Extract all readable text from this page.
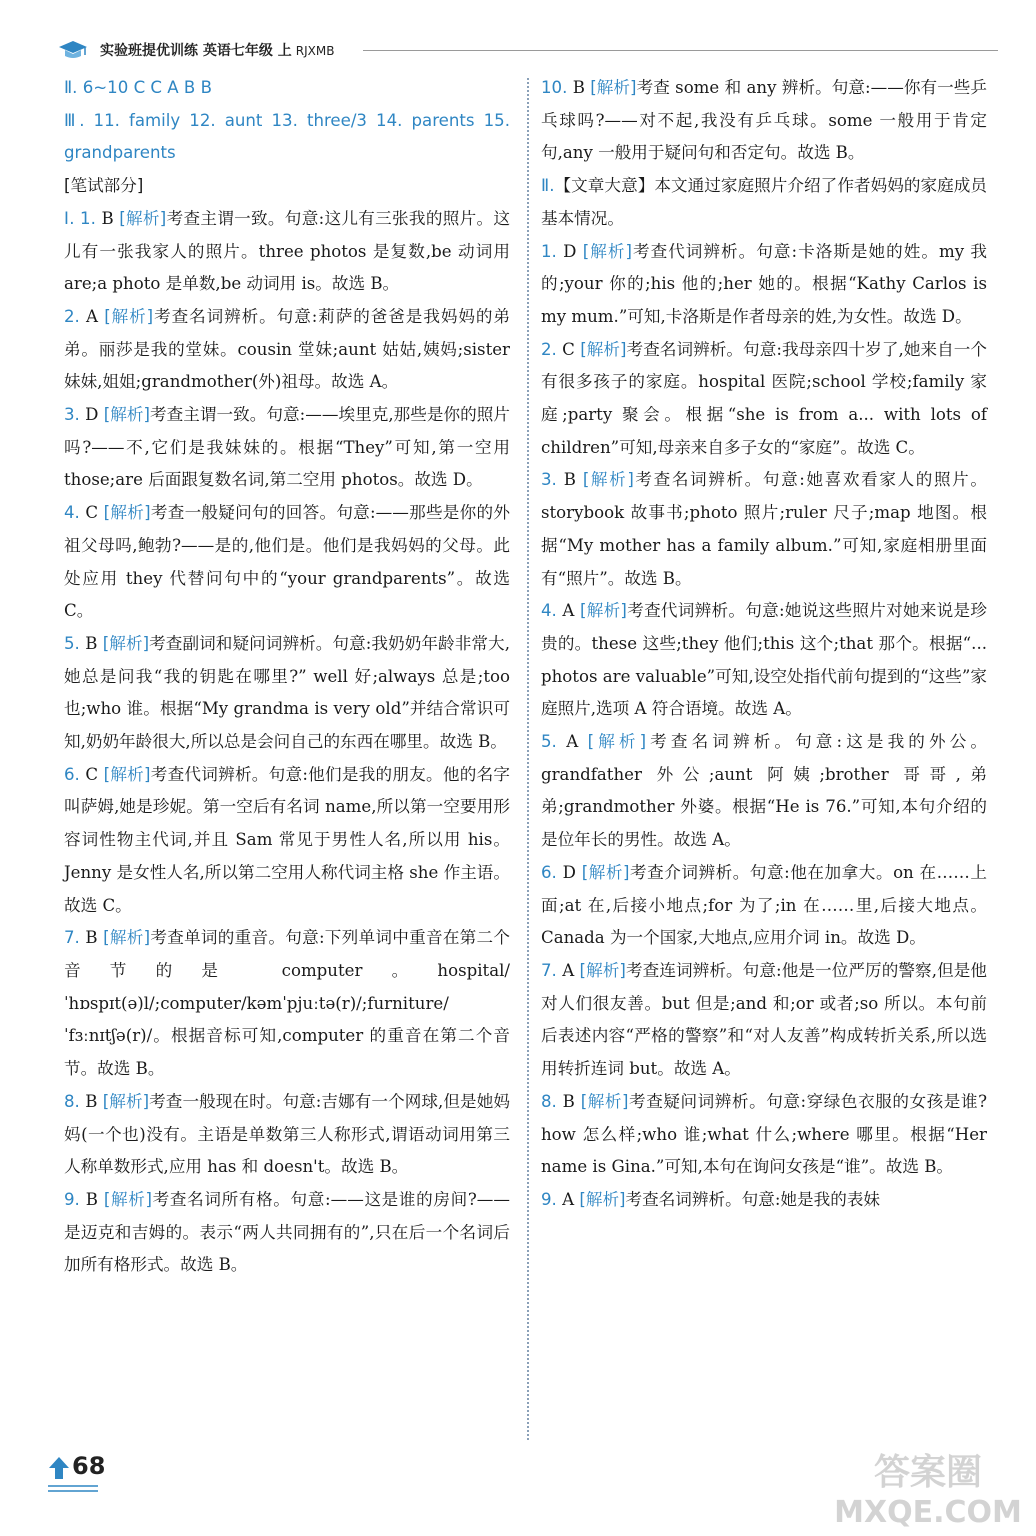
实验班提优训练 英语七年级 上 RJXMB

Ⅱ. 6~10 C C A B B

Ⅲ. 11. family 12. aunt 13. three/3 14. parents 15. grandparents

[笔试部分]

Ⅰ. 1. B [解析]考查主谓一致。句意:这儿有三张我的照片。这儿有一张我家人的照片。three photos 是复数,be 动词用 are;a photo 是单数,be 动词用 is。故选 B。

2. A [解析]考查名词辨析。句意:莉萨的爸爸是我妈妈的弟弟。丽莎是我的堂妹。cousin 堂妹;aunt 姑姑,姨妈;sister 妹妹,姐姐;grandmother(外)祖母。故选 A。

3. D [解析]考查主谓一致。句意:——埃里克,那些是你的照片吗?——不,它们是我妹妹的。根据“They”可知,第一空用 those;are 后面跟复数名词,第二空用 photos。故选 D。

4. C [解析]考查一般疑问句的回答。句意:——那些是你的外祖父母吗,鲍勃?——是的,他们是。他们是我妈妈的父母。此处应用 they 代替问句中的“your grandparents”。故选 C。

5. B [解析]考查副词和疑问词辨析。句意:我奶奶年龄非常大,她总是问我“我的钥匙在哪里?” well 好;always 总是;too 也;who 谁。根据“My grandma is very old”并结合常识可知,奶奶年龄很大,所以总是会问自己的东西在哪里。故选 B。

6. C [解析]考查代词辨析。句意:他们是我的朋友。他的名字叫萨姆,她是珍妮。第一空后有名词 name,所以第一空要用形容词性物主代词,并且 Sam 常见于男性人名,所以用 his。Jenny 是女性人名,所以第二空用人称代词主格 she 作主语。故选 C。

7. B [解析]考查单词的重音。句意:下列单词中重音在第二个音节的是 computer。hospital/ˈhɒspɪt(ə)l/;computer/kəmˈpjuːtə(r)/;furniture/ˈfɜːnɪtʃə(r)/。根据音标可知,computer 的重音在第二个音节。故选 B。

8. B [解析]考查一般现在时。句意:吉娜有一个网球,但是她妈妈(一个也)没有。主语是单数第三人称形式,谓语动词用第三人称单数形式,应用 has 和 doesn't。故选 B。

9. B [解析]考查名词所有格。句意:——这是谁的房间?——是迈克和吉姆的。表示“两人共同拥有的”,只在后一个名词后加所有格形式。故选 B。

10. B [解析]考查 some 和 any 辨析。句意:——你有一些乒乓球吗?——对不起,我没有乒乓球。some 一般用于肯定句,any 一般用于疑问句和否定句。故选 B。

Ⅱ.【文章大意】本文通过家庭照片介绍了作者妈妈的家庭成员基本情况。

1. D [解析]考查代词辨析。句意:卡洛斯是她的姓。my 我的;your 你的;his 他的;her 她的。根据“Kathy Carlos is my mum.”可知,卡洛斯是作者母亲的姓,为女性。故选 D。

2. C [解析]考查名词辨析。句意:我母亲四十岁了,她来自一个有很多孩子的家庭。hospital 医院;school 学校;family 家庭;party 聚会。根据“she is from a... with lots of children”可知,母亲来自多子女的“家庭”。故选 C。

3. B [解析]考查名词辨析。句意:她喜欢看家人的照片。storybook 故事书;photo 照片;ruler 尺子;map 地图。根据“My mother has a family album.”可知,家庭相册里面有“照片”。故选 B。

4. A [解析]考查代词辨析。句意:她说这些照片对她来说是珍贵的。these 这些;they 他们;this 这个;that 那个。根据“... photos are valuable”可知,设空处指代前句提到的“这些”家庭照片,选项 A 符合语境。故选 A。

5. A [解析]考查名词辨析。句意:这是我的外公。grandfather 外公;aunt 阿姨;brother 哥哥,弟弟;grandmother 外婆。根据“He is 76.”可知,本句介绍的是位年长的男性。故选 A。

6. D [解析]考查介词辨析。句意:他在加拿大。on 在……上面;at 在,后接小地点;for 为了;in 在……里,后接大地点。Canada 为一个国家,大地点,应用介词 in。故选 D。

7. A [解析]考查连词辨析。句意:他是一位严厉的警察,但是他对人们很友善。but 但是;and 和;or 或者;so 所以。本句前后表述内容“严格的警察”和“对人友善”构成转折关系,所以选用转折连词 but。故选 A。

8. B [解析]考查疑问词辨析。句意:穿绿色衣服的女孩是谁?how 怎么样;who 谁;what 什么;where 哪里。根据“Her name is Gina.”可知,本句在询问女孩是“谁”。故选 B。

9. A [解析]考查名词辨析。句意:她是我的表妹

68	答案圈
MXQE.COM
